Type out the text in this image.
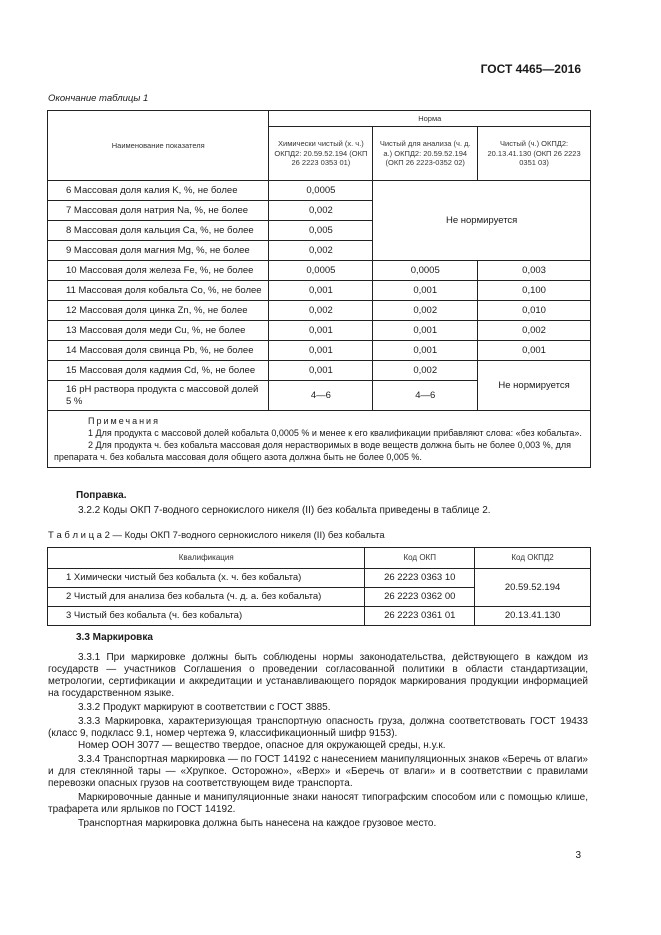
ГОСТ 4465—2016
Окончание таблицы 1
Наименование показателя	Норма		
	Химически чистый (х. ч.) ОКПД2: 20.59.52.194 (ОКП 26 2223 0353 01)	Чистый для анализа (ч. д. а.) ОКПД2: 20.59.52.194 (ОКП 26 2223-0352 02)	Чистый (ч.) ОКПД2: 20.13.41.130 (ОКП 26 2223 0351 03)
6 Массовая доля калия K, %, не более	0,0005	Не нормируется	
7 Массовая доля натрия Na, %, не более	0,002		
8 Массовая доля кальция Ca, %, не более	0,005		
9 Массовая доля магния Mg, %, не более	0,002		
10 Массовая доля железа Fe, %, не более	0,0005	0,0005	0,003
11 Массовая доля кобальта Co, %, не более	0,001	0,001	0,100
12 Массовая доля цинка Zn, %, не более	0,002	0,002	0,010
13 Массовая доля меди Cu, %, не более	0,001	0,001	0,002
14 Массовая доля свинца Pb, %, не более	0,001	0,001	0,001
15 Массовая доля кадмия Cd, %, не более	0,001	0,002	Не нормируется
16 pH раствора продукта с массовой долей 5 %	4—6	4—6	

Примечания

1 Для продукта с массовой долей кобальта 0,0005 % и менее к его квалификации прибавляют слова: «без кобальта».

2 Для продукта ч. без кобальта массовая доля нерастворимых в воде веществ должна быть не более 0,003 %, для препарата ч. без кобальта массовая доля общего азота должна быть не более 0,005 %.			

Поправка.

3.2.2 Коды ОКП 7-водного сернокислого никеля (II) без кобальта приведены в таблице 2.

Т а б л и ц а 2 — Коды ОКП 7-водного сернокислого никеля (II) без кобальта
Квалификация	Код ОКП	Код ОКПД2
1 Химически чистый без кобальта (х. ч. без кобальта)	26 2223 0363 10	20.59.52.194
2 Чистый для анализа без кобальта (ч. д. а. без кобальта)	26 2223 0362 00	
3 Чистый без кобальта (ч. без кобальта)	26 2223 0361 01	20.13.41.130

3.3 Маркировка

3.3.1 При маркировке должны быть соблюдены нормы законодательства, действующего в каждом из государств — участников Соглашения о проведении согласованной политики в области стандартизации, метрологии, сертификации и аккредитации и устанавливающего порядок маркирования продукции информацией на государственном языке.

3.3.2 Продукт маркируют в соответствии с ГОСТ 3885.

3.3.3 Маркировка, характеризующая транспортную опасность груза, должна соответствовать ГОСТ 19433 (класс 9, подкласс 9.1, номер чертежа 9, классификационный шифр 9153).

Номер ООН 3077 — вещество твердое, опасное для окружающей среды, н.у.к.

3.3.4 Транспортная маркировка — по ГОСТ 14192 с нанесением манипуляционных знаков «Беречь от влаги» и для стеклянной тары — «Хрупкое. Осторожно», «Верх» и «Беречь от влаги» и в соответствии с правилами перевозки опасных грузов на соответствующем виде транспорта.

Маркировочные данные и манипуляционные знаки наносят типографским способом или с помощью клише, трафарета или ярлыков по ГОСТ 14192.

Транспортная маркировка должна быть нанесена на каждое грузовое место.

3
